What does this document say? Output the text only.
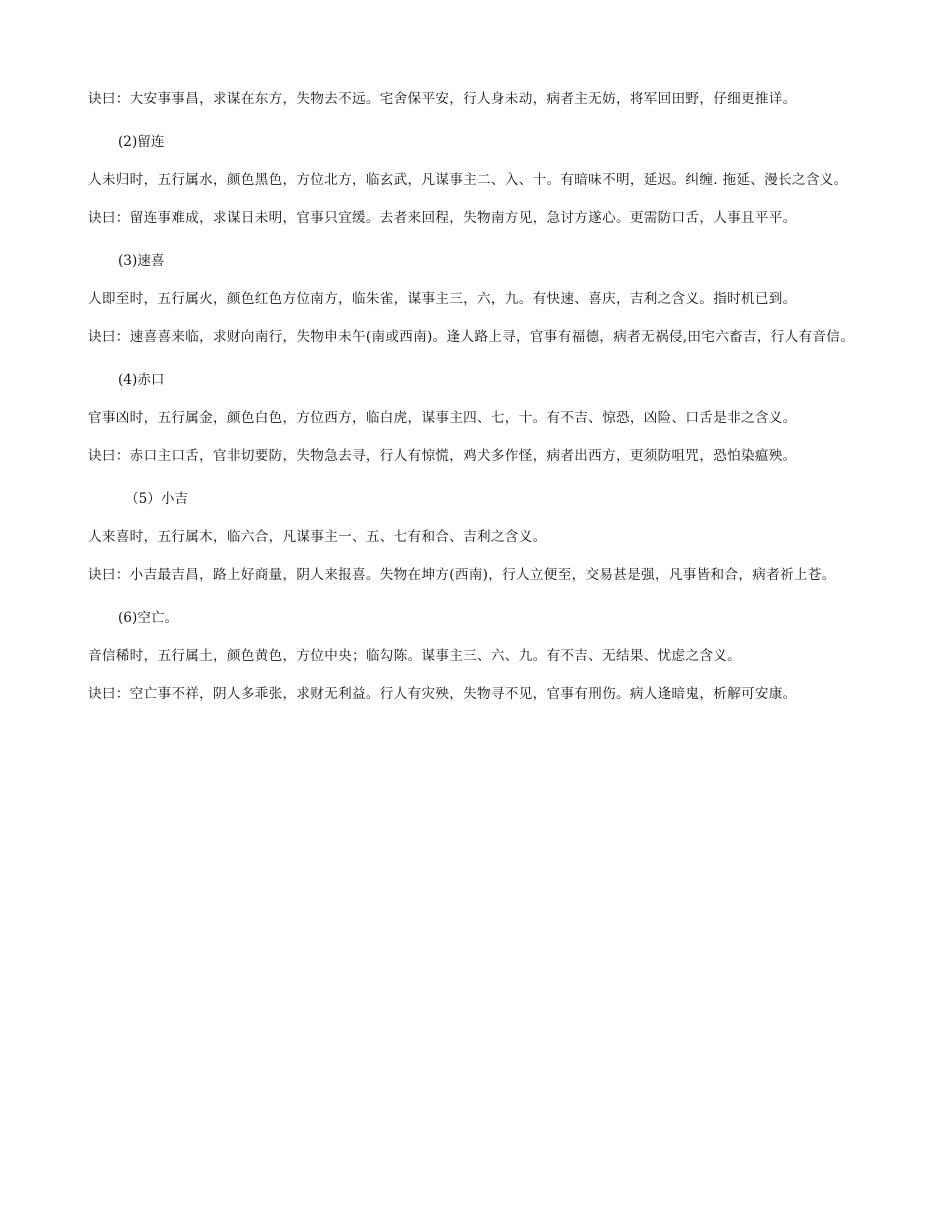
诀曰：大安事事昌，求谋在东方，失物去不远。宅舍保平安，行人身未动，病者主无妨，将军回田野，仔细更推详。

(2)留连

人未归时，五行属水，颜色黑色，方位北方，临玄武，凡谋事主二、入、十。有暗味不明，延迟。纠缠. 拖延、漫长之含义。

诀曰：留连事难成，求谋日未明，官事只宜缓。去者来回程，失物南方见，急讨方遂心。更需防口舌，人事且平平。

(3)速喜

人即至时，五行属火，颜色红色方位南方，临朱雀，谋事主三，六，九。有快速、喜庆，吉利之含义。指时机已到。

诀曰：速喜喜来临，求财向南行，失物申未午(南或西南)。逢人路上寻，官事有福德，病者无祸侵,田宅六畜吉，行人有音信。

(4)赤口

官事凶时，五行属金，颜色白色，方位西方，临白虎，谋事主四、七，十。有不吉、惊恐，凶险、口舌是非之含义。

诀曰：赤口主口舌，官非切要防，失物急去寻，行人有惊慌，鸡犬多作怪，病者出西方，更须防咀咒，恐怕染瘟殃。

（5）小吉

人来喜时，五行属木，临六合，凡谋事主一、五、七有和合、吉利之含义。

诀曰：小吉最吉昌，路上好商量，阴人来报喜。失物在坤方(西南)，行人立便至，交易甚是强，凡事皆和合，病者祈上苍。

(6)空亡。

音信稀时，五行属土，颜色黄色，方位中央；临勾陈。谋事主三、六、九。有不吉、无结果、忧虑之含义。

诀曰：空亡事不祥，阴人多乖张，求财无利益。行人有灾殃，失物寻不见，官事有刑伤。病人逢暗鬼，析解可安康。
